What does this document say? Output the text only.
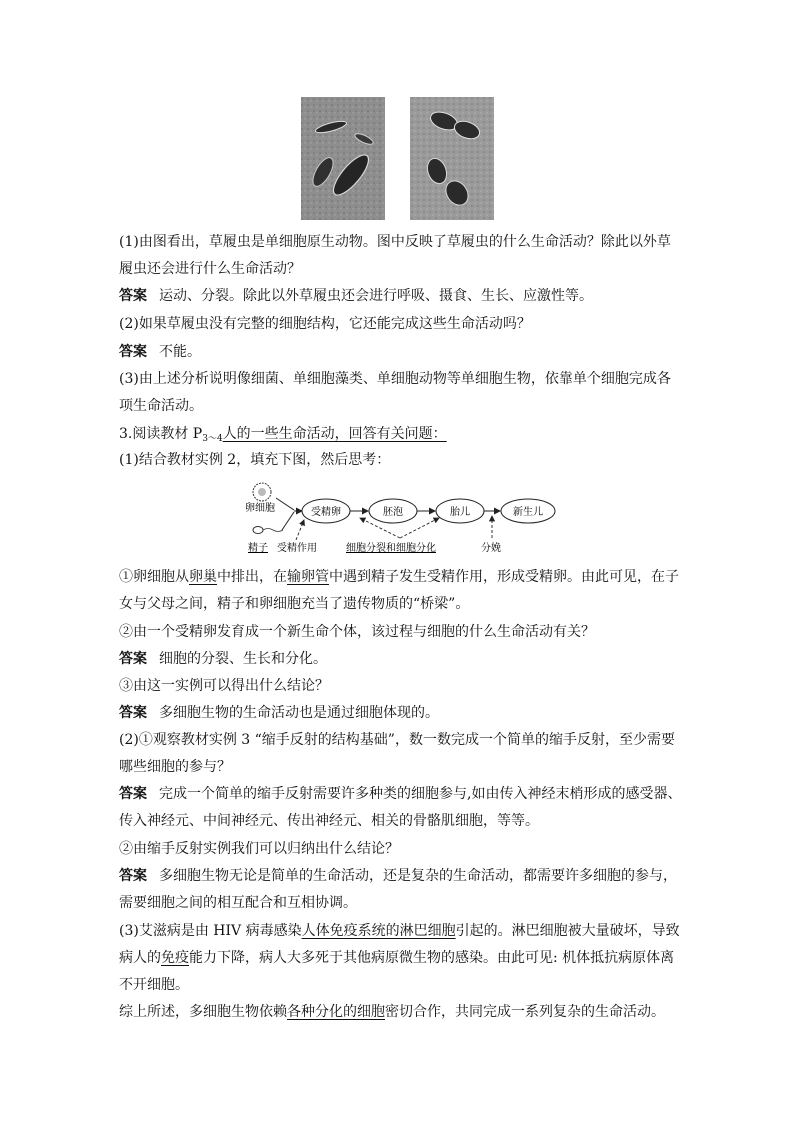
(1)由图看出，草履虫是单细胞原生动物。图中反映了草履虫的什么生命活动？除此以外草

履虫还会进行什么生命活动？

答案 运动、分裂。除此以外草履虫还会进行呼吸、摄食、生长、应激性等。

(2)如果草履虫没有完整的细胞结构，它还能完成这些生命活动吗？

答案 不能。

(3)由上述分析说明像细菌、单细胞藻类、单细胞动物等单细胞生物，依靠单个细胞完成各

项生命活动。

3.阅读教材 $P_{3\sim 4}$人的一些生命活动，回答有关问题：

(1)结合教材实例 2，填充下图，然后思考：

卵细胞
精子
受精卵	胚泡	胎儿	新生儿
受精作用	细胞分裂和细胞分化	分娩

①卵细胞从卵巢中排出，在输卵管中遇到精子发生受精作用，形成受精卵。由此可见，在子

女与父母之间，精子和卵细胞充当了遗传物质的“桥梁”。

②由一个受精卵发育成一个新生命个体，该过程与细胞的什么生命活动有关？

答案 细胞的分裂、生长和分化。

③由这一实例可以得出什么结论？

答案 多细胞生物的生命活动也是通过细胞体现的。

(2)①观察教材实例 3 “缩手反射的结构基础”，数一数完成一个简单的缩手反射，至少需要

哪些细胞的参与？

答案 完成一个简单的缩手反射需要许多种类的细胞参与,如由传入神经末梢形成的感受器、

传入神经元、中间神经元、传出神经元、相关的骨骼肌细胞，等等。

②由缩手反射实例我们可以归纳出什么结论？

答案 多细胞生物无论是简单的生命活动，还是复杂的生命活动，都需要许多细胞的参与，

需要细胞之间的相互配合和互相协调。

(3)艾滋病是由 HIV 病毒感染人体免疫系统的淋巴细胞引起的。淋巴细胞被大量破坏，导致

病人的免疫能力下降，病人大多死于其他病原微生物的感染。由此可见: 机体抵抗病原体离

不开细胞。

综上所述，多细胞生物依赖各种分化的细胞密切合作，共同完成一系列复杂的生命活动。
